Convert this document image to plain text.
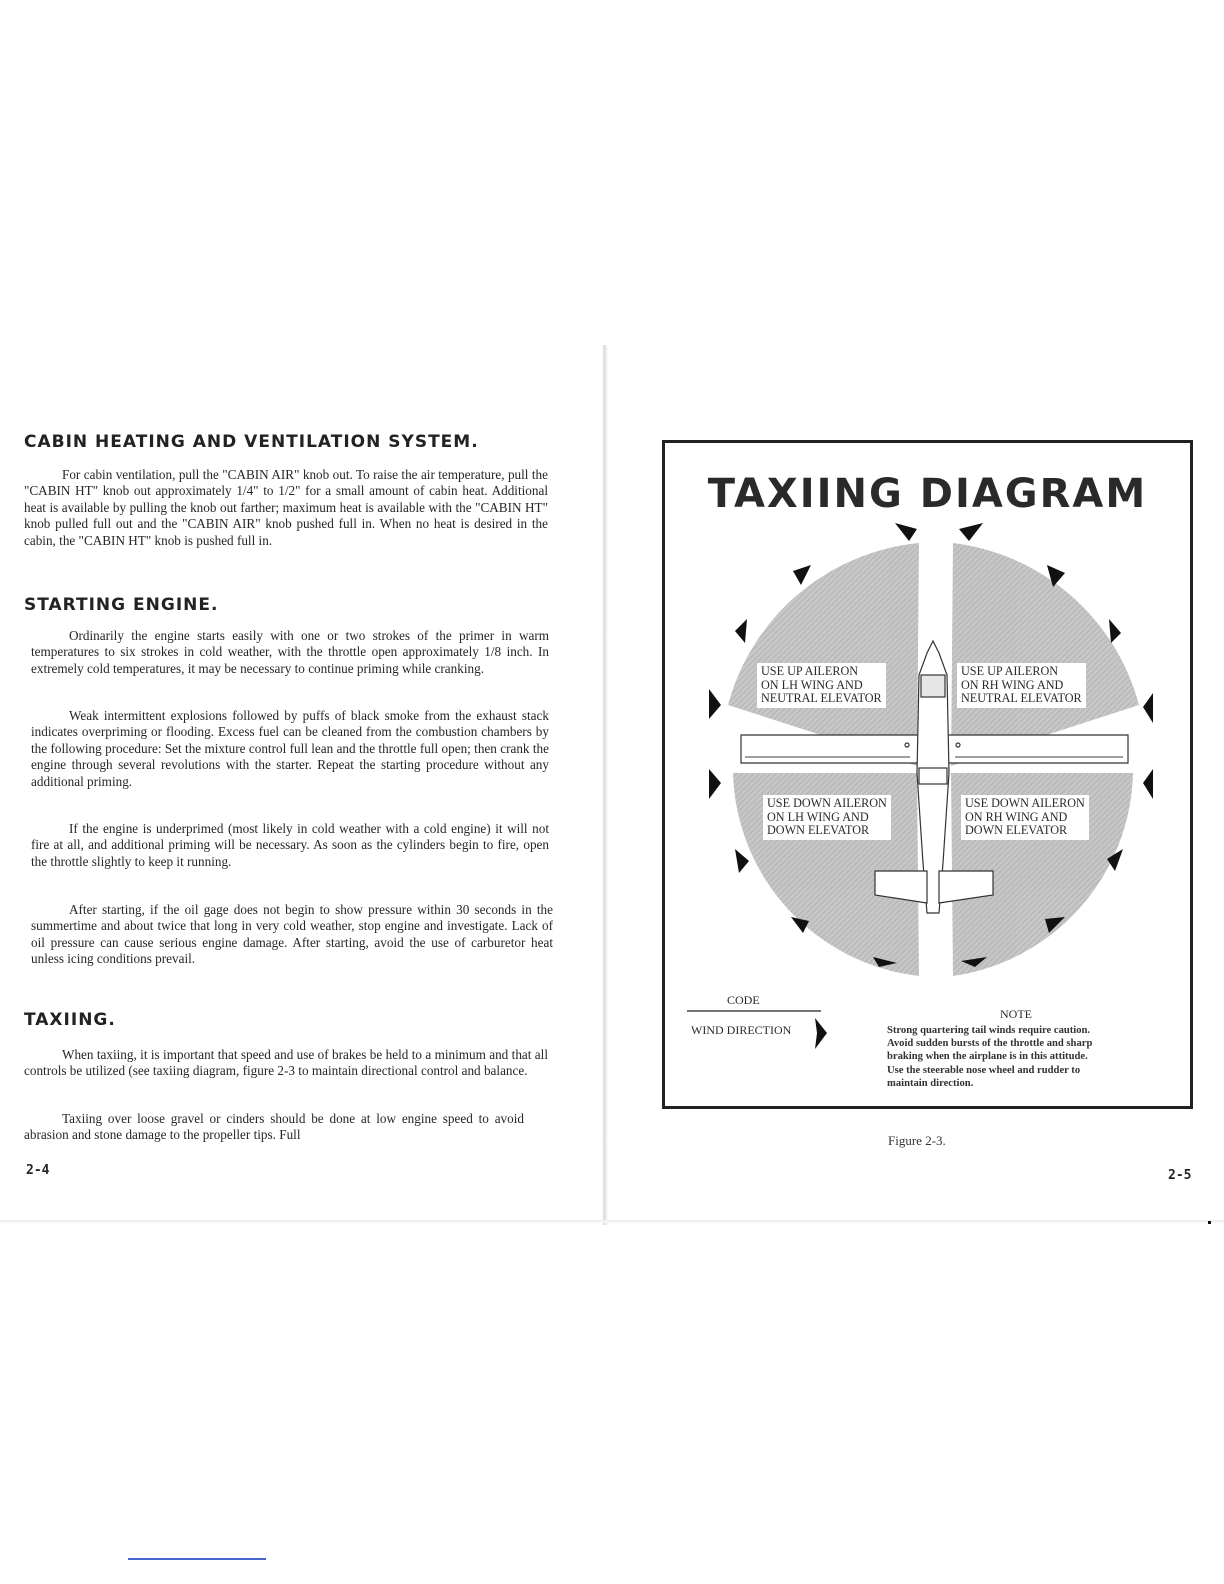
CABIN HEATING AND VENTILATION SYSTEM.

For cabin ventilation, pull the "CABIN AIR" knob out. To raise the air temperature, pull the "CABIN HT" knob out approximately 1/4" to 1/2" for a small amount of cabin heat. Additional heat is available by pulling the knob out farther; maximum heat is available with the "CABIN HT" knob pulled full out and the "CABIN AIR" knob pushed full in. When no heat is desired in the cabin, the "CABIN HT" knob is pushed full in.

STARTING ENGINE.

Ordinarily the engine starts easily with one or two strokes of the primer in warm temperatures to six strokes in cold weather, with the throttle open approximately 1/8 inch. In extremely cold temperatures, it may be necessary to continue priming while cranking.

Weak intermittent explosions followed by puffs of black smoke from the exhaust stack indicates overpriming or flooding. Excess fuel can be cleaned from the combustion chambers by the following procedure: Set the mixture control full lean and the throttle full open; then crank the engine through several revolutions with the starter. Repeat the starting procedure without any additional priming.

If the engine is underprimed (most likely in cold weather with a cold engine) it will not fire at all, and additional priming will be necessary. As soon as the cylinders begin to fire, open the throttle slightly to keep it running.

After starting, if the oil gage does not begin to show pressure within 30 seconds in the summertime and about twice that long in very cold weather, stop engine and investigate. Lack of oil pressure can cause serious engine damage. After starting, avoid the use of carburetor heat unless icing conditions prevail.

TAXIING.

When taxiing, it is important that speed and use of brakes be held to a minimum and that all controls be utilized (see taxiing diagram, figure 2-3 to maintain directional control and balance.

Taxiing over loose gravel or cinders should be done at low engine speed to avoid abrasion and stone damage to the propeller tips. Full

2-4
TAXIING DIAGRAM
USE UP AILERON
ON LH WING AND
NEUTRAL ELEVATOR
USE UP AILERON
ON RH WING AND
NEUTRAL ELEVATOR
USE DOWN AILERON
ON LH WING AND
DOWN ELEVATOR
USE DOWN AILERON
ON RH WING AND
DOWN ELEVATOR
CODE
WIND DIRECTION
NOTE
Strong quartering tail winds require caution.
Avoid sudden bursts of the throttle and sharp
braking when the airplane is in this attitude.
Use the steerable nose wheel and rudder to
maintain direction.
Figure 2-3.
2-5
